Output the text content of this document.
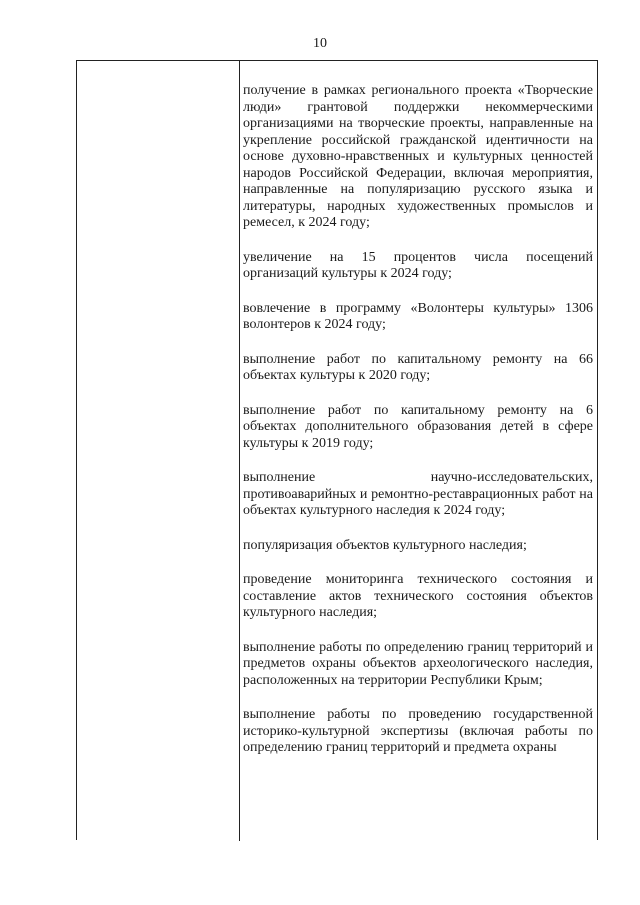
10

получение в рамках регионального проекта «Творческие люди» грантовой поддержки некоммерческими организациями на творческие проекты, направленные на укрепление российской гражданской идентичности на основе духовно-нравственных и культурных ценностей народов Российской Федерации, включая мероприятия, направленные на популяризацию русского языка и литературы, народных художественных промыслов и ремесел, к 2024 году;

увеличение на 15 процентов числа посещений организаций культуры к 2024 году;

вовлечение в программу «Волонтеры культуры» 1306 волонтеров к 2024 году;

выполнение работ по капитальному ремонту на 66 объектах культуры к 2020 году;

выполнение работ по капитальному ремонту на 6 объектах дополнительного образования детей в сфере культуры к 2019 году;

выполнение научно-исследовательских, противоаварийных и ремонтно-реставрационных работ на объектах культурного наследия к 2024 году;

популяризация объектов культурного наследия;

проведение мониторинга технического состояния и составление актов технического состояния объектов культурного наследия;

выполнение работы по определению границ территорий и предметов охраны объектов археологического наследия, расположенных на территории Республики Крым;

выполнение работы по проведению государственной историко-культурной экспертизы (включая работы по определению границ территорий и предмета охраны
